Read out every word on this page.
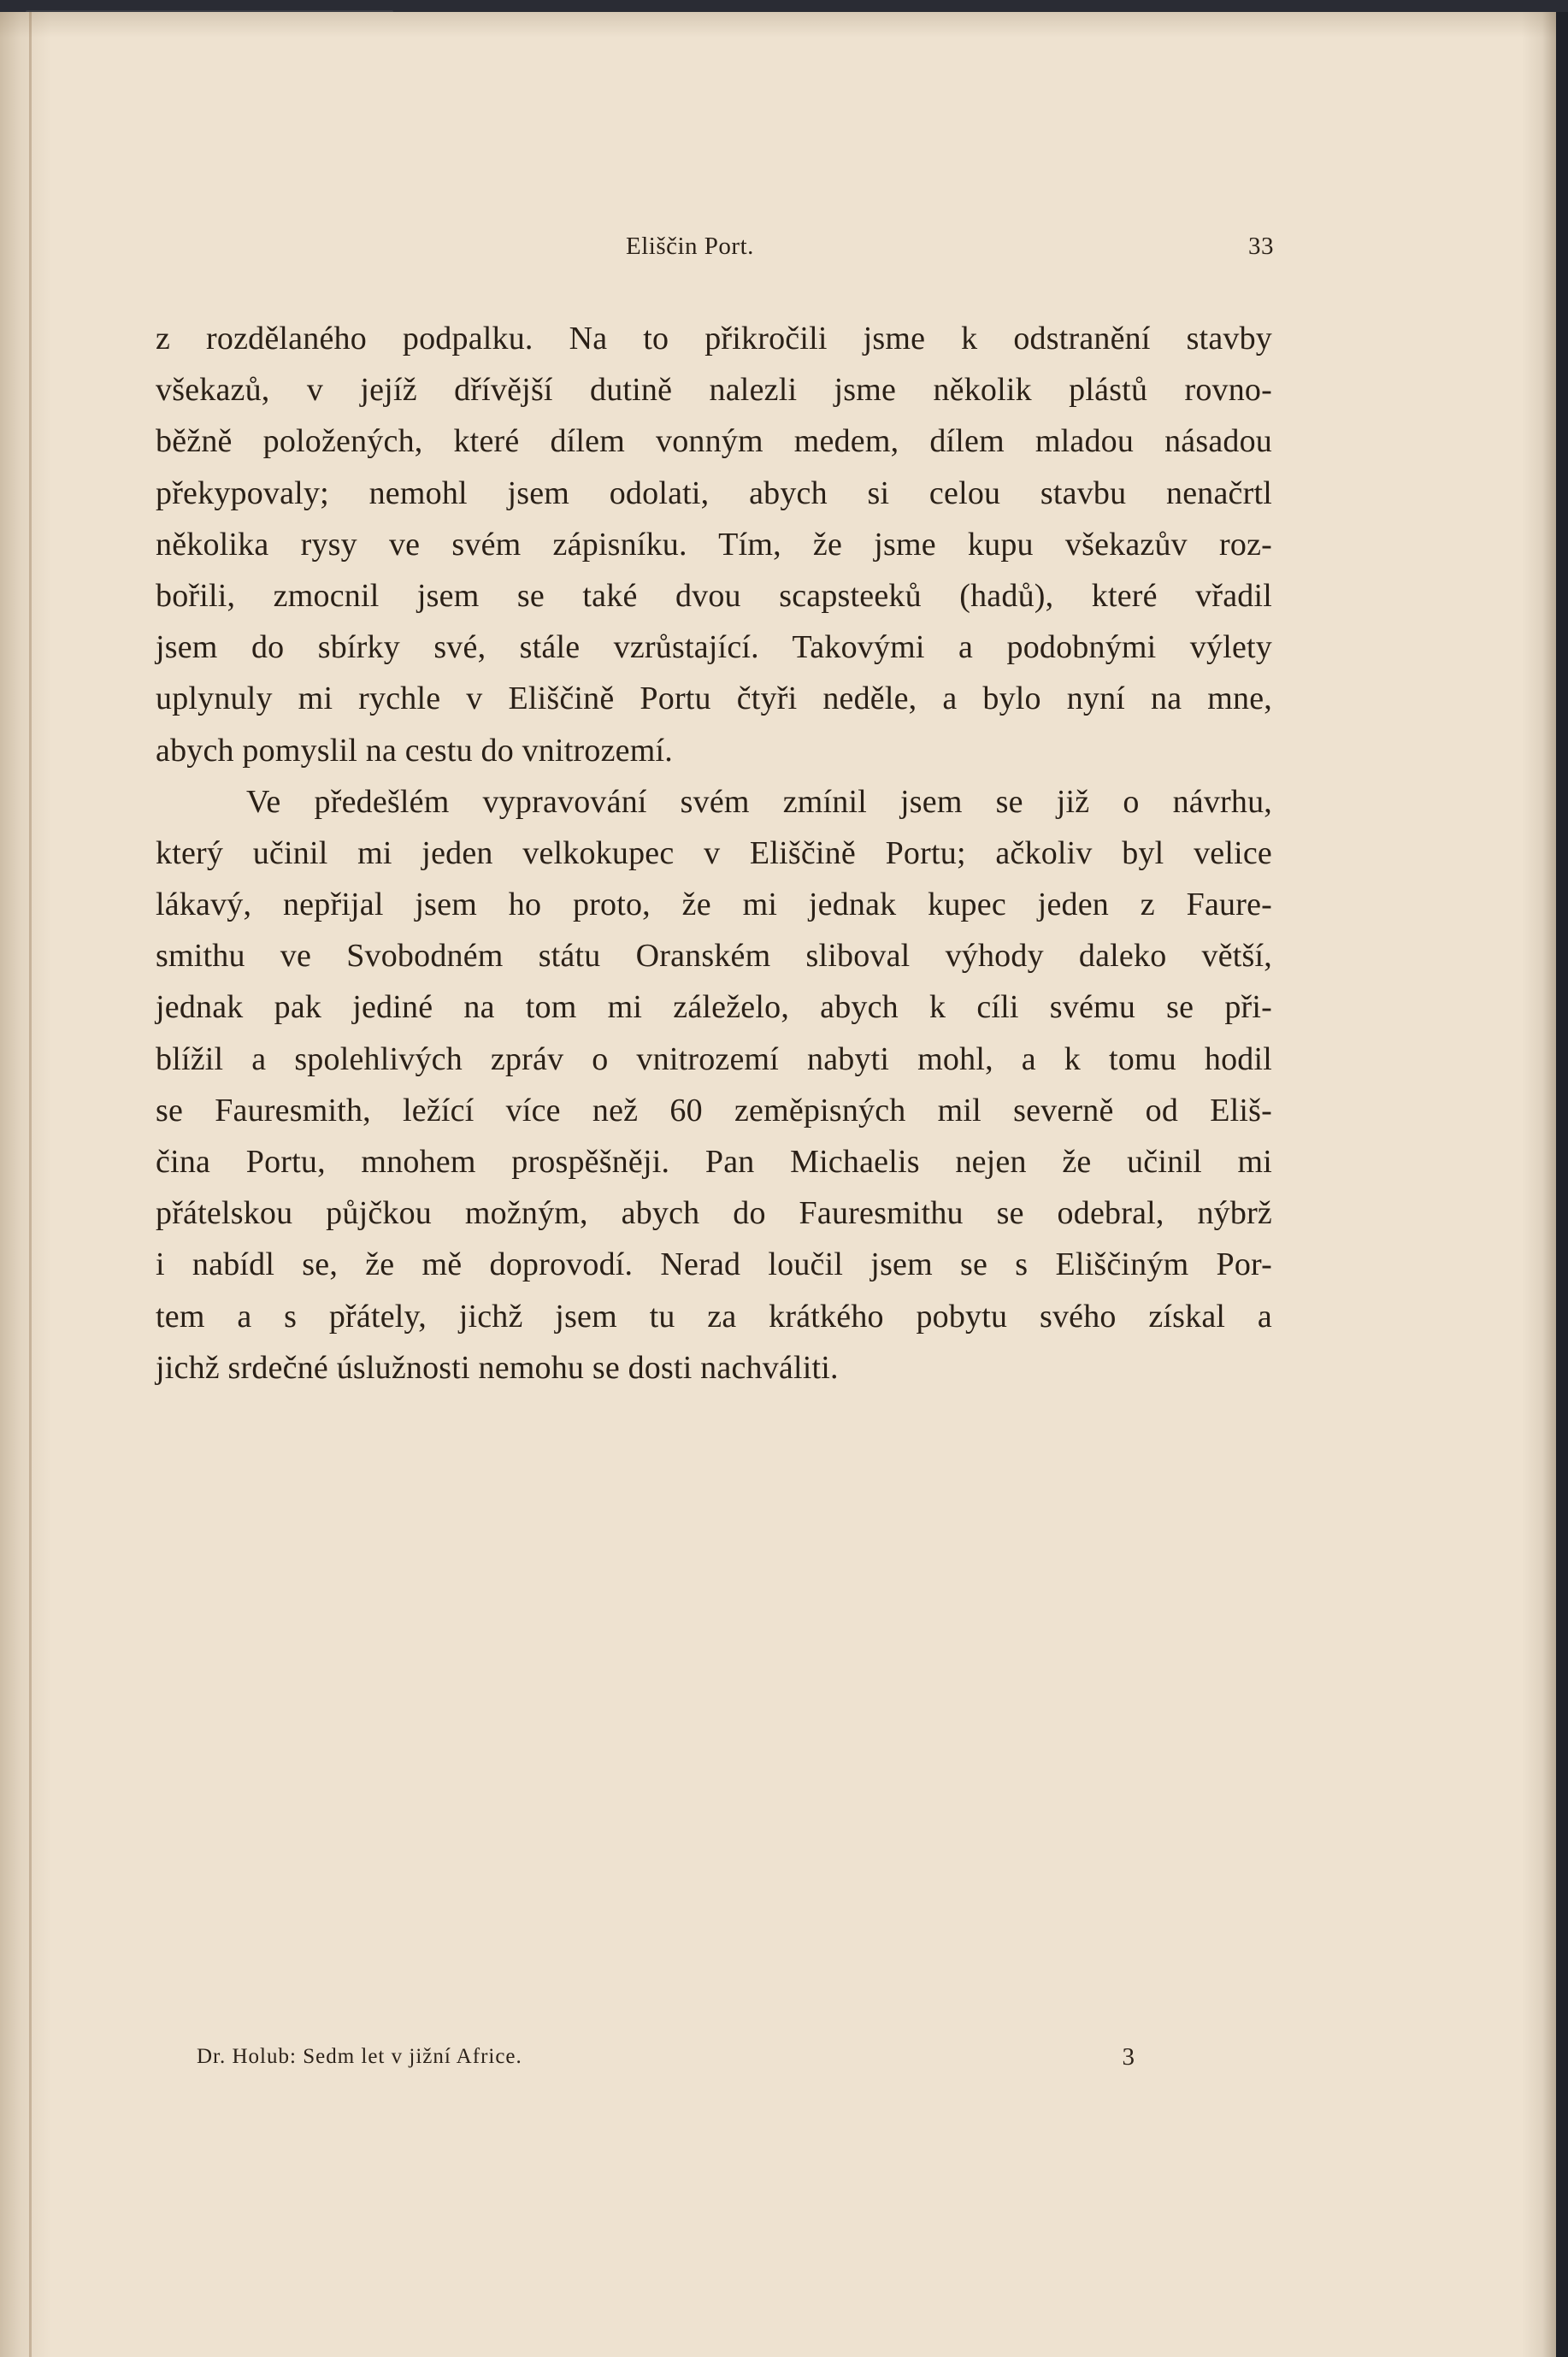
Eliščin Port.	33
z rozdělaného podpalku. Na to přikročili jsme k odstranění stavby
všekazů, v jejíž dřívější dutině nalezli jsme několik plástů rovno-
běžně položených, které dílem vonným medem, dílem mladou násadou
překypovaly; nemohl jsem odolati, abych si celou stavbu nenačrtl
několika rysy ve svém zápisníku. Tím, že jsme kupu všekazův roz-
bořili, zmocnil jsem se také dvou scapsteeků (hadů), které vřadil
jsem do sbírky své, stále vzrůstající. Takovými a podobnými výlety
uplynuly mi rychle v Eliščině Portu čtyři neděle, a bylo nyní na mne,
abych pomyslil na cestu do vnitrozemí.
Ve předešlém vypravování svém zmínil jsem se již o návrhu,
který učinil mi jeden velkokupec v Eliščině Portu; ačkoliv byl velice
lákavý, nepřijal jsem ho proto, že mi jednak kupec jeden z Faure-
smithu ve Svobodném státu Oranském sliboval výhody daleko větší,
jednak pak jediné na tom mi záleželo, abych k cíli svému se při-
blížil a spolehlivých zpráv o vnitrozemí nabyti mohl, a k tomu hodil
se Fauresmith, ležící více než 60 zeměpisných mil severně od Eliš-
čina Portu, mnohem prospěšněji. Pan Michaelis nejen že učinil mi
přátelskou půjčkou možným, abych do Fauresmithu se odebral, nýbrž
i nabídl se, že mě doprovodí. Nerad loučil jsem se s Eliščiným Por-
tem a s přátely, jichž jsem tu za krátkého pobytu svého získal a
jichž srdečné úslužnosti nemohu se dosti nachváliti.
Dr. Holub: Sedm let v jižní Africe.	3
